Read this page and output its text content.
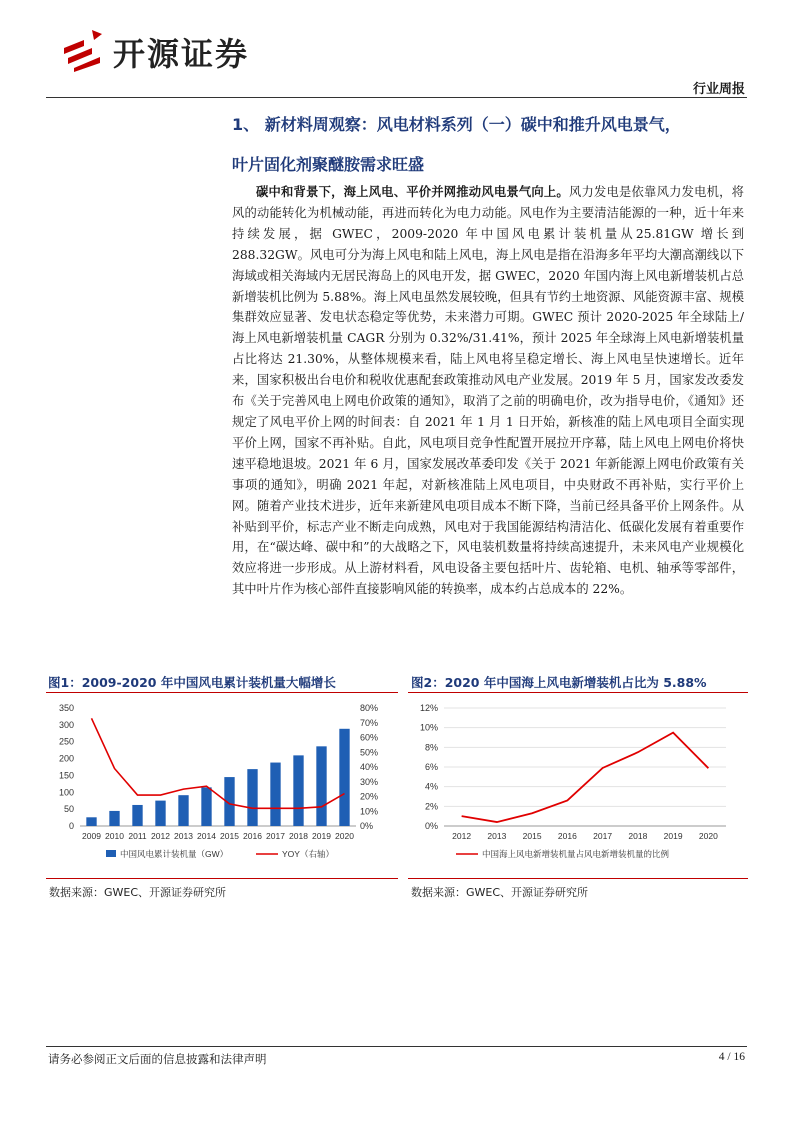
开源证券
行业周报
1、 新材料周观察：风电材料系列（一）碳中和推升风电景气，
叶片固化剂聚醚胺需求旺盛
碳中和背景下，海上风电、平价并网推动风电景气向上。风力发电是依靠风力发电机，将风的动能转化为机械动能，再进而转化为电力动能。风电作为主要清洁能源的一种，近十年来持续发展，据 GWEC，2009-2020 年中国风电累计装机量从25.81GW 增长到 288.32GW。风电可分为海上风电和陆上风电，海上风电是指在沿海多年平均大潮高潮线以下海域或相关海域内无居民海岛上的风电开发，据 GWEC，2020 年国内海上风电新增装机占总新增装机比例为 5.88%。海上风电虽然发展较晚，但具有节约土地资源、风能资源丰富、规模集群效应显著、发电状态稳定等优势，未来潜力可期。GWEC 预计 2020-2025 年全球陆上/海上风电新增装机量 CAGR 分别为 0.32%/31.41%，预计 2025 年全球海上风电新增装机量占比将达 21.30%，从整体规模来看，陆上风电将呈稳定增长、海上风电呈快速增长。近年来，国家积极出台电价和税收优惠配套政策推动风电产业发展。2019 年 5 月，国家发改委发布《关于完善风电上网电价政策的通知》，取消了之前的明确电价，改为指导电价，《通知》还规定了风电平价上网的时间表：自 2021 年 1 月 1 日开始，新核准的陆上风电项目全面实现平价上网，国家不再补贴。自此，风电项目竞争性配置开展拉开序幕，陆上风电上网电价将快速平稳地退坡。2021 年 6 月，国家发展改革委印发《关于 2021 年新能源上网电价政策有关事项的通知》，明确 2021 年起，对新核准陆上风电项目，中央财政不再补贴，实行平价上网。随着产业技术进步，近年来新建风电项目成本不断下降，当前已经具备平价上网条件。从补贴到平价，标志产业不断走向成熟，风电对于我国能源结构清洁化、低碳化发展有着重要作用，在“碳达峰、碳中和”的大战略之下，风电装机数量将持续高速提升，未来风电产业规模化效应将进一步形成。从上游材料看，风电设备主要包括叶片、齿轮箱、电机、轴承等零部件，其中叶片作为核心部件直接影响风能的转换率，成本约占总成本的 22%。
图1：2009-2020 年中国风电累计装机量大幅增长
0
50
100
150
200
250
300
350
0%
10%
20%
30%
40%
50%
60%
70%
80%
2009 2010 2011 2012 2013 2014 2015 2016 2017 2018 2019 2020
中国风电累计装机量（GW）	YOY（右轴）
数据来源：GWEC、开源证券研究所
图2：2020 年中国海上风电新增装机占比为 5.88%
0%
2%
4%
6%
8%
10%
12%
2012 2013 2015 2016 2017 2018 2019 2020
中国海上风电新增装机量占风电新增装机量的比例
数据来源：GWEC、开源证券研究所
请务必参阅正文后面的信息披露和法律声明	4 / 16
